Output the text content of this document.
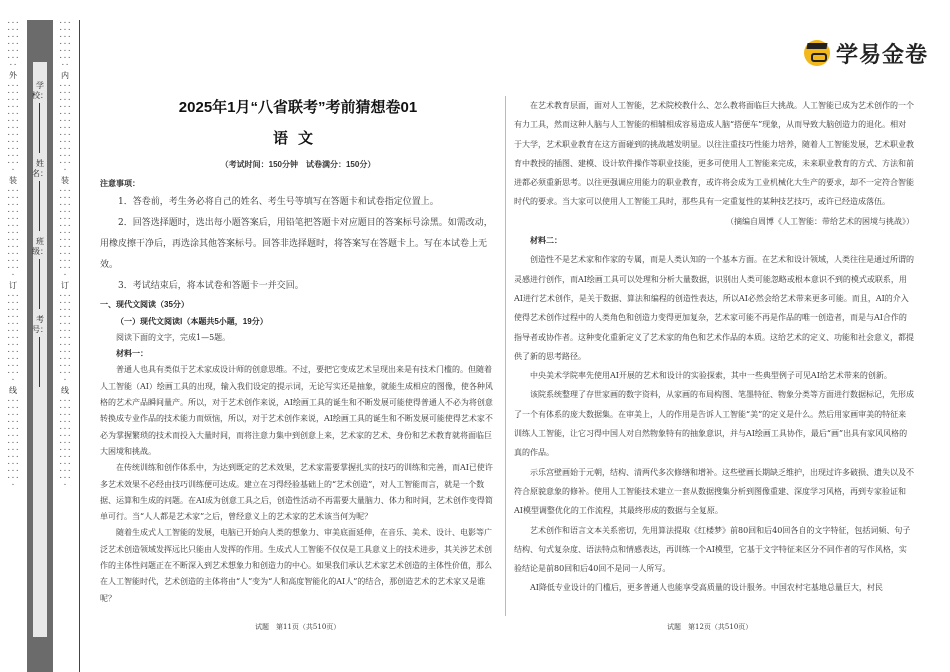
····················
外
·····································
装
·····································
订
·····································
线
·····································
学校：
姓名：
班级：
考号：
····················
内
·····································
装
·····································
订
·····································
线
·····································
学易金卷

2025年1月“八省联考”考前猜想卷01

语文

（考试时间：150分钟　试卷满分：150分）

注意事项：

1．答卷前，考生务必将自己的姓名、考生号等填写在答题卡和试卷指定位置上。

2．回答选择题时，选出每小题答案后，用铅笔把答题卡对应题目的答案标号涂黑。如需改动，用橡皮擦干净后，再选涂其他答案标号。回答非选择题时，将答案写在答题卡上。写在本试卷上无效。

3．考试结束后，将本试卷和答题卡一并交回。

一、现代文阅读（35分）

（一）现代文阅读Ⅰ（本题共5小题，19分）

阅读下面的文字，完成1—5题。

材料一：

普通人也具有类似于艺术家成设计师的创意思维。不过，要把它变成艺术呈现出来是有技术门槛的。但随着人工智能（AI）绘画工具的出现，输入我们设定的提示词，无论写实还是抽象，就能生成相应的图像，使各种风格的艺术产品瞬间量产。所以，对于艺术创作来说，AI绘画工具的诞生和不断发展可能使得普通人不必为将创意转换成专业作品的技术能力而烦恼，所以，对于艺术创作来说，AI绘画工具的诞生和不断发展可能使得艺术家不必为掌握繁琐的技术而投入大量时间，而将注意力集中到创意上来，艺术家的艺术、身份和艺术教育就将面临巨大困境和挑战。

在传统训练和创作体系中，为达到既定的艺术效果，艺术家需要掌握扎实的技巧的训练和完善，而AI已使许多艺术效果不必经由技巧训练便可达成。建立在习得经验基础上的“艺术创造”，对人工智能而言，就是一个数据、运算和生成的问题。在AI成为创意工具之后，创造性活动不再需要大量脑力、体力和时间，艺术创作变得简单可行。当“人人都是艺术家”之后，曾经意义上的艺术家的艺术该当何为呢？

随着生成式人工智能的发展，电脑已开始向人类的想象力、审美底面延伸，在音乐、美术、设计、电影等广泛艺术创造领域发挥远比只能由人发挥的作用。生成式人工智能不仅仅是工具意义上的技术进步，其关涉艺术创作的主体性问题正在不断深入到艺术想象力和创造力的中心。如果我们承认艺术家艺术创造的主体性价值，那么在人工智能时代，艺术创造的主体将由“人”变为“人和高度智能化的AI人”的结合，那创造艺术的艺术家又是谁呢？

在艺术教育层面，面对人工智能，艺术院校教什么、怎么教将面临巨大挑战。人工智能已成为艺术创作的一个有力工具，然而这种人脑与人工智能的相辅相成容易造成人脑“搭便车”现象，从而导致大脑创造力的退化。相对于大学，艺术职业教育在这方面碰到的挑战越发明显。以往注重技巧性能力培养，随着人工智能发展，艺术职业教育中教授的插图、建模、设计软件操作等职业技能，更多可使用人工智能来完成，未来职业教育的方式、方法和前进都必须重新思考。以往更强调应用能力的职业教育，或许将会成为工业机械化大生产的要求，却不一定符合智能时代的要求。当大家可以使用人工智能工具时，那些具有一定重复性的某种技艺技巧，或许已经造成落伍。

（摘编自周博《人工智能：带给艺术的困境与挑战》）

材料二：

创造性不是艺术家和作家的专属，而是人类认知的一个基本方面。在艺术和设计领域，人类往往是通过所谓的灵感进行创作，而AI绘画工具可以处理和分析大量数据，识别出人类可能忽略或根本意识不到的模式或联系，用AI进行艺术创作，是关于数据、算法和编程的创造性表达，所以AI必然会给艺术带来更多可能。而且，AI的介入使得艺术创作过程中的人类角色和创造力变得更加复杂，艺术家可能不再是作品的唯一创造者，而是与AI合作的指导者或协作者。这种变化重新定义了艺术家的角色和艺术作品的本质。这给艺术的定义、功能和社会意义，都提供了新的思考路径。

中央美术学院率先使用AI开展的艺术和设计的实验探索，其中一些典型例子可见AI给艺术带来的创新。

该院系统整理了存世家画的数字资料，从家画的布局构图、笔墨特征、物象分类等方面进行数据标记，先形成了一个有体系的庞大数据集。在审美上，人的作用是告诉人工智能“美”的定义是什么。然后用家画审美的特征来训练人工智能，让它习得中国人对自然物象特有的抽象意识，并与AI绘画工具协作，最后“画”出具有家风风格的真的作品。

示乐宫壁画始于元朝，结构、清两代多次修缮和增补。这些壁画长期缺乏维护，出现过许多破损、遗失以及不符合原貌意象的修补。使用人工智能技术建立一套从数据搜集分析到图像重建、深度学习风格，再到专家验证和AI模型调整优化的工作流程，其最终形成的数据与全复原。

艺术创作和语言文本关系密切，先用算法提取《红楼梦》前80回和后40回各自的文字特征，包括词频、句子结构、句式复杂度、语法特点和情感表达，再训练一个AI模型，它基于文字特征来区分不同作者的写作风格，实验结论是前80回和后40回不是同一人所写。

AI降低专业设计的门槛后，更多普通人也能享受高质量的设计服务。中国农村宅基地总量巨大，村民

试题　第11页（共510页）	试题　第12页（共510页）
